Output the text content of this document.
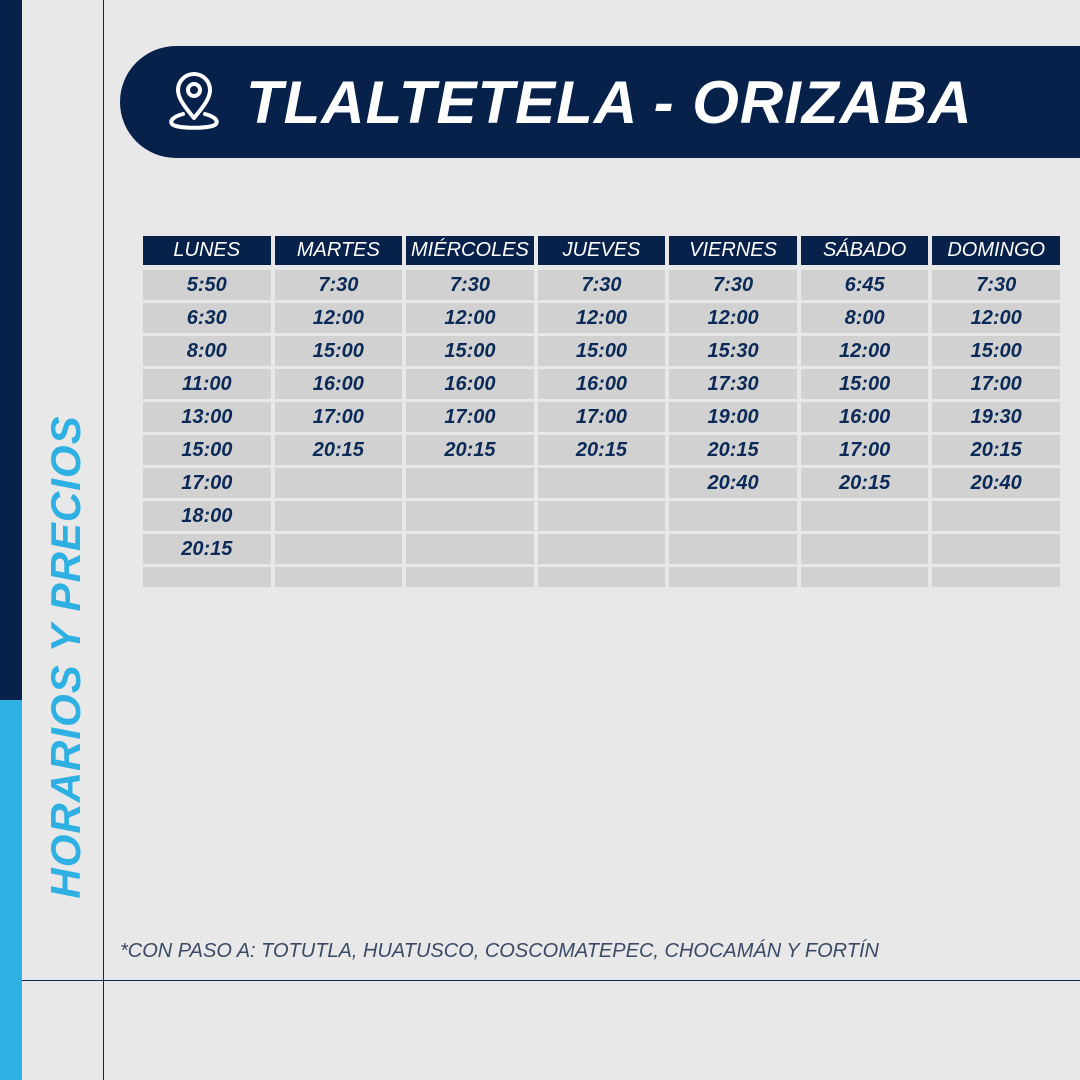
HORARIOS Y PRECIOS
TLALTETELA - ORIZABA
LUNES
5:50
6:30
8:00
11:00
13:00
15:00
17:00
18:00
20:15
MARTES
7:30
12:00
15:00
16:00
17:00
20:15
MIÉRCOLES
7:30
12:00
15:00
16:00
17:00
20:15
JUEVES
7:30
12:00
15:00
16:00
17:00
20:15
VIERNES
7:30
12:00
15:30
17:30
19:00
20:15
20:40
SÁBADO
6:45
8:00
12:00
15:00
16:00
17:00
20:15
DOMINGO
7:30
12:00
15:00
17:00
19:30
20:15
20:40
*CON PASO A: TOTUTLA, HUATUSCO, COSCOMATEPEC, CHOCAMÁN Y FORTÍN
